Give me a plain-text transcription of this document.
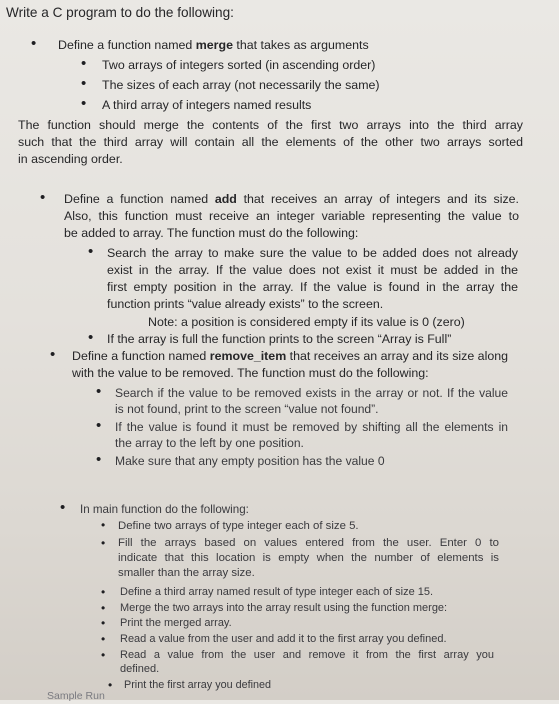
Write a C program to do the following:
• Define a function named merge that takes as arguments
• Two arrays of integers sorted (in ascending order)
• The sizes of each array (not necessarily the same)
• A third array of integers named results
The function should merge the contents of the first two arrays into the third array
such that the third array will contain all the elements of the other two arrays sorted
in ascending order.
• Define a function named add that receives an array of integers and its size.
Also, this function must receive an integer variable representing the value to
be added to array. The function must do the following:
• Search the array to make sure the value to be added does not already
exist in the array. If the value does not exist it must be added in the
first empty position in the array. If the value is found in the array the
function prints “value already exists” to the screen.
Note: a position is considered empty if its value is 0 (zero)
• If the array is full the function prints to the screen “Array is Full”
• Define a function named remove_item that receives an array and its size along
with the value to be removed. The function must do the following:
• Search if the value to be removed exists in the array or not. If the value
is not found, print to the screen “value not found”.
• If the value is found it must be removed by shifting all the elements in
the array to the left by one position.
• Make sure that any empty position has the value 0
• In main function do the following:
• Define two arrays of type integer each of size 5.
• Fill the arrays based on values entered from the user. Enter 0 to
indicate that this location is empty when the number of elements is
smaller than the array size.
• Define a third array named result of type integer each of size 15.
• Merge the two arrays into the array result using the function merge:
• Print the merged array.
• Read a value from the user and add it to the first array you defined.
• Read a value from the user and remove it from the first array you
defined.
• Print the first array you defined
Sample Run
